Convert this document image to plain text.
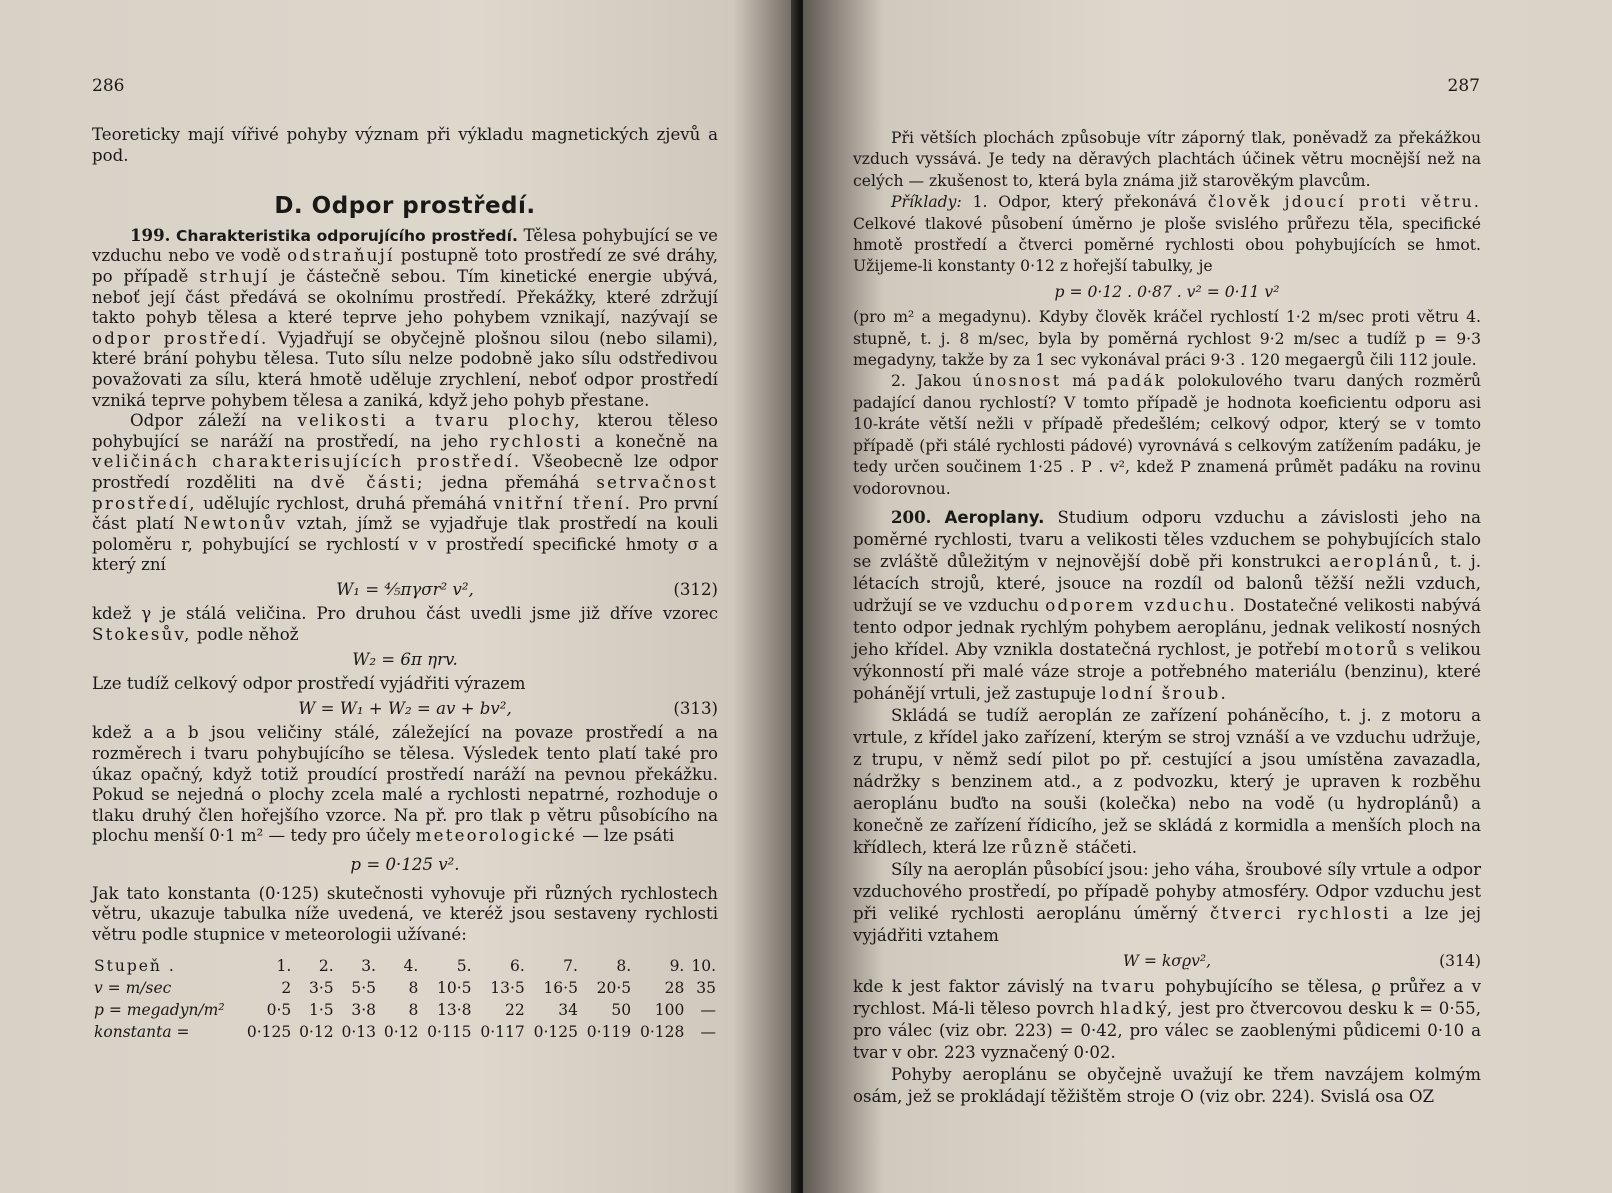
286

Teoreticky mají vířivé pohyby význam při výkladu magnetických zjevů a pod.

D. Odpor prostředí.

199. Charakteristika odporujícího prostředí. Tělesa pohybující se ve vzduchu nebo ve vodě odstraňují postupně toto prostředí ze své dráhy, po případě strhují je částečně sebou. Tím kinetické energie ubývá, neboť její část předává se okolnímu prostředí. Překážky, které zdržují takto pohyb tělesa a které teprve jeho pohybem vznikají, nazývají se odpor prostředí. Vyjadřují se obyčejně plošnou silou (nebo silami), které brání pohybu tělesa. Tuto sílu nelze podobně jako sílu odstředivou považovati za sílu, která hmotě uděluje zrychlení, neboť odpor prostředí vzniká teprve pohybem tělesa a zaniká, když jeho pohyb přestane.

Odpor záleží na velikosti a tvaru plochy, kterou těleso pohybující se naráží na prostředí, na jeho rychlosti a konečně na veličinách charakterisujících prostředí. Všeobecně lze odpor prostředí rozděliti na dvě části; jedna přemáhá setrvačnost prostředí, udělujíc rychlost, druhá přemáhá vnitřní tření. Pro první část platí Newtonův vztah, jímž se vyjadřuje tlak prostředí na kouli poloměru r, pohybující se rychlostí v v prostředí specifické hmoty σ a který zní

W₁ = ⅘πγσr² v²,	(312)

kdež γ je stálá veličina. Pro druhou část uvedli jsme již dříve vzorec Stokesův, podle něhož

W₂ = 6π ηrv.

Lze tudíž celkový odpor prostředí vyjádřiti výrazem

W = W₁ + W₂ = av + bv²,	(313)

kdež a a b jsou veličiny stálé, záležející na povaze prostředí a na rozměrech i tvaru pohybujícího se tělesa. Výsledek tento platí také pro úkaz opačný, když totiž proudící prostředí naráží na pevnou překážku. Pokud se nejedná o plochy zcela malé a rychlosti nepatrné, rozhoduje o tlaku druhý člen hořejšího vzorce. Na př. pro tlak p větru působícího na plochu menší 0·1 m² — tedy pro účely meteorologické — lze psáti

p = 0·125 v².

Jak tato konstanta (0·125) skutečnosti vyhovuje při různých rychlostech větru, ukazuje tabulka níže uvedená, ve kteréž jsou sestaveny rychlosti větru podle stupnice v meteorologii užívané:

Stupeň .	1.	2.	3.	4.	5.	6.	7.	8.	9.	10.
v = m/sec	2	3·5	5·5	8	10·5	13·5	16·5	20·5	28	35
p = megadyn/m²	0·5	1·5	3·8	8	13·8	22	34	50	100	—
konstanta =	0·125	0·12	0·13	0·12	0·115	0·117	0·125	0·119	0·128	—
287

Při větších plochách způsobuje vítr záporný tlak, poněvadž za překážkou vzduch vyssává. Je tedy na děravých plachtách účinek větru mocnější než na celých — zkušenost to, která byla známa již starověkým plavcům.

Příklady: 1. Odpor, který překonává člověk jdoucí proti větru. Celkové tlakové působení úměrno je ploše svislého průřezu těla, specifické hmotě prostředí a čtverci poměrné rychlosti obou pohybujících se hmot. Užijeme-li konstanty 0·12 z hořejší tabulky, je

p = 0·12 . 0·87 . v² = 0·11 v²

(pro m² a megadynu). Kdyby člověk kráčel rychlostí 1·2 m/sec proti větru 4. stupně, t. j. 8 m/sec, byla by poměrná rychlost 9·2 m/sec a tudíž p = 9·3 megadyny, takže by za 1 sec vykonával práci 9·3 . 120 megaergů čili 112 joule.

2. Jakou únosnost má padák polokulového tvaru daných rozměrů padající danou rychlostí? V tomto případě je hodnota koeficientu odporu asi 10-kráte větší nežli v případě předešlém; celkový odpor, který se v tomto případě (při stálé rychlosti pádové) vyrovnává s celkovým zatížením padáku, je tedy určen součinem 1·25 . P . v², kdež P znamená průmět padáku na rovinu vodorovnou.

200. Aeroplany. Studium odporu vzduchu a závislosti jeho na poměrné rychlosti, tvaru a velikosti těles vzduchem se pohybujících stalo se zvláště důležitým v nejnovější době při konstrukci aeroplánů, t. j. létacích strojů, které, jsouce na rozdíl od balonů těžší nežli vzduch, udržují se ve vzduchu odporem vzduchu. Dostatečné velikosti nabývá tento odpor jednak rychlým pohybem aeroplánu, jednak velikostí nosných jeho křídel. Aby vznikla dostatečná rychlost, je potřebí motorů s velikou výkonností při malé váze stroje a potřebného materiálu (benzinu), které pohánějí vrtuli, jež zastupuje lodní šroub.

Skládá se tudíž aeroplán ze zařízení poháněcího, t. j. z motoru a vrtule, z křídel jako zařízení, kterým se stroj vznáší a ve vzduchu udržuje, z trupu, v němž sedí pilot po př. cestující a jsou umístěna zavazadla, nádržky s benzinem atd., a z podvozku, který je upraven k rozběhu aeroplánu buďto na souši (kolečka) nebo na vodě (u hydroplánů) a konečně ze zařízení řídicího, jež se skládá z kormidla a menších ploch na křídlech, která lze různě stáčeti.

Síly na aeroplán působící jsou: jeho váha, šroubové síly vrtule a odpor vzduchového prostředí, po případě pohyby atmosféry. Odpor vzduchu jest při veliké rychlosti aeroplánu úměrný čtverci rychlosti a lze jej vyjádřiti vztahem

W = kσϱv²,	(314)

kde k jest faktor závislý na tvaru pohybujícího se tělesa, ϱ průřez a v rychlost. Má-li těleso povrch hladký, jest pro čtvercovou desku k = 0·55, pro válec (viz obr. 223) = 0·42, pro válec se zaoblenými půdicemi 0·10 a tvar v obr. 223 vyznačený 0·02.

Pohyby aeroplánu se obyčejně uvažují ke třem navzájem kolmým osám, jež se prokládají těžištěm stroje O (viz obr. 224). Svislá osa OZ
